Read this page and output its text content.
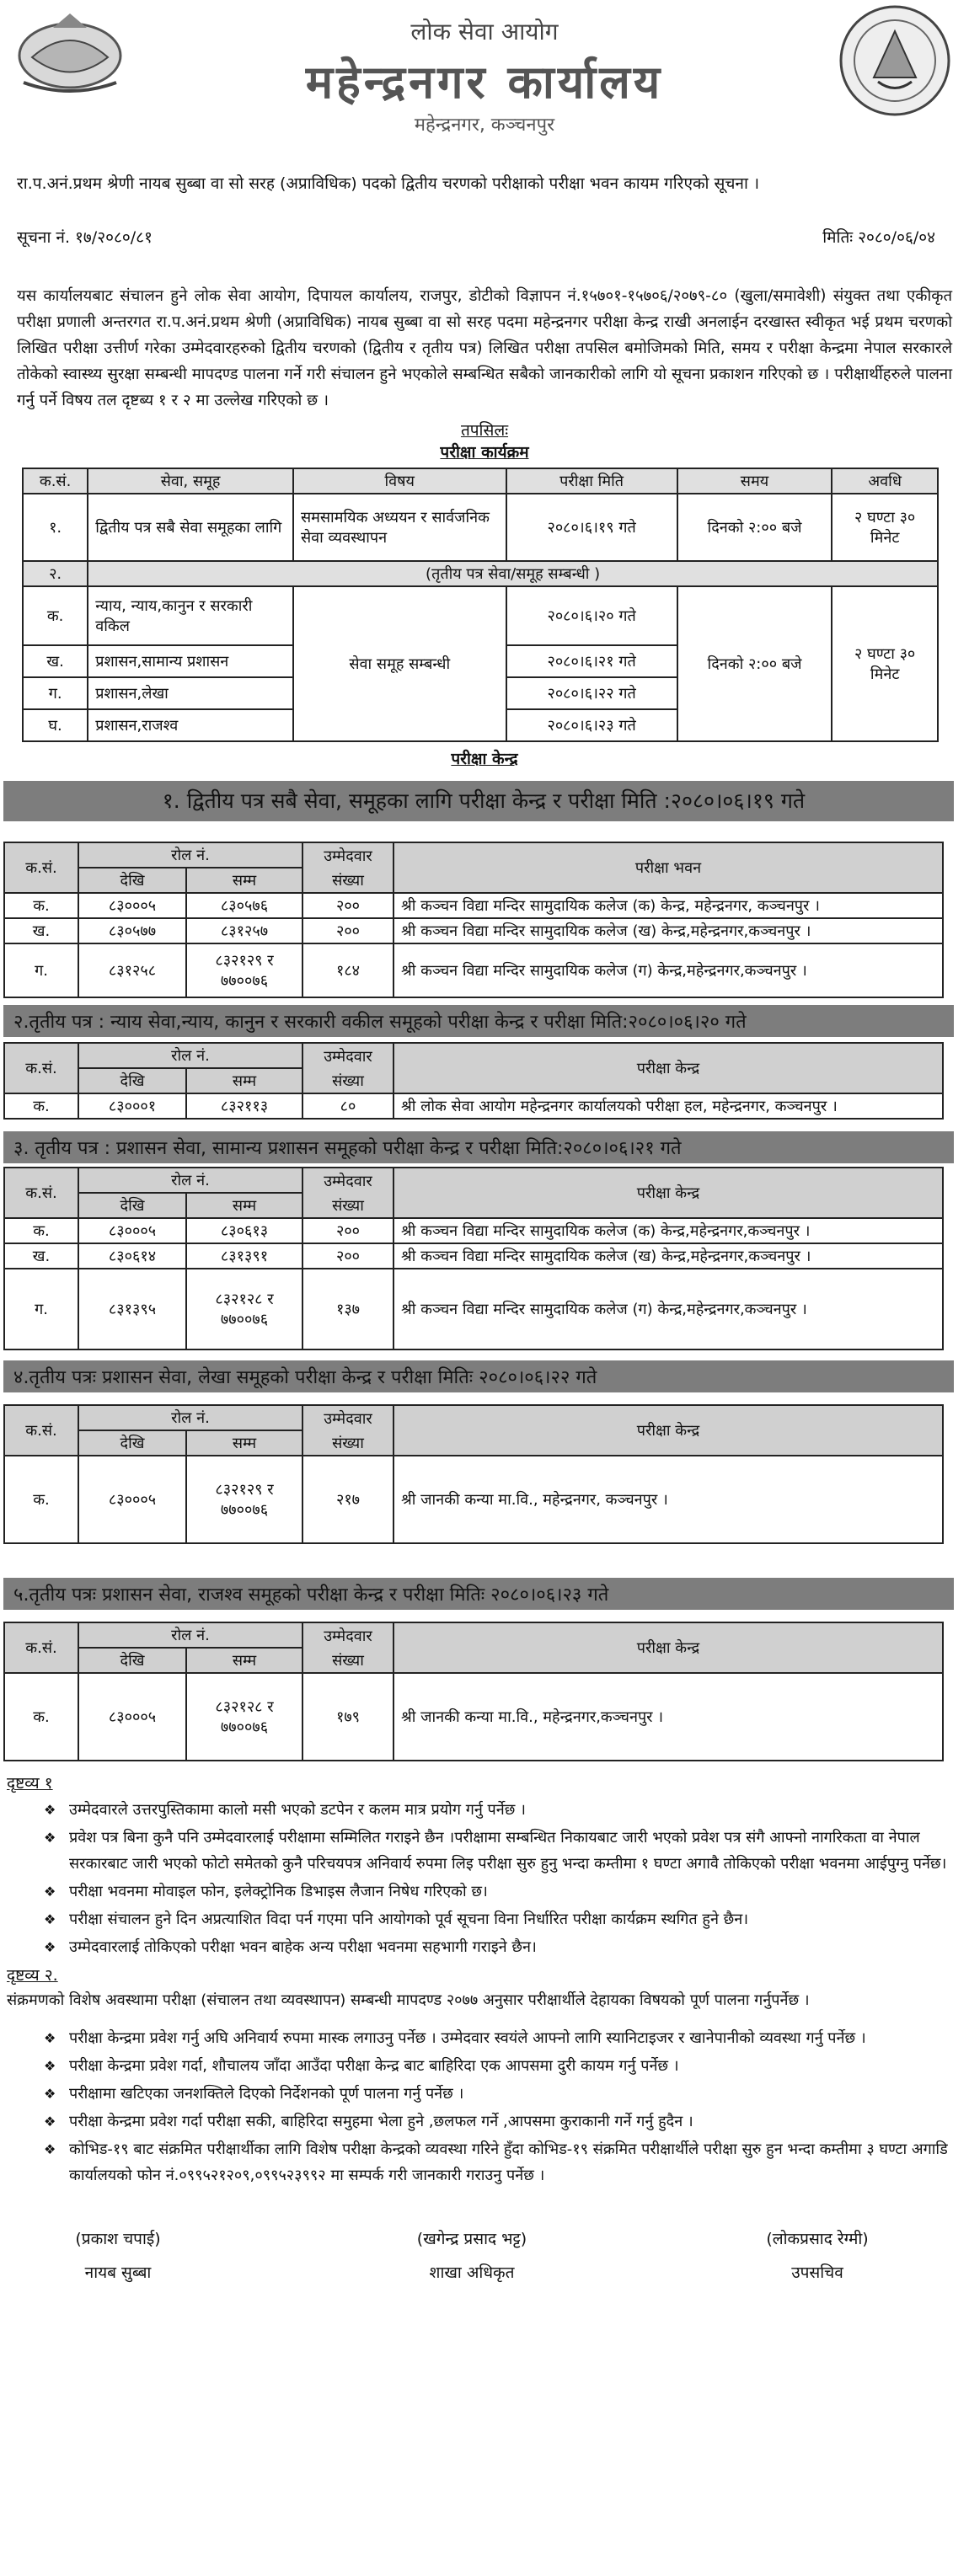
लोक सेवा आयोग
महेन्द्रनगर कार्यालय
महेन्द्रनगर, कञ्चनपुर
रा.प.अनं.प्रथम श्रेणी नायब सुब्बा वा सो सरह (अप्राविधिक) पदको द्वितीय चरणको परीक्षाको परीक्षा भवन कायम गरिएको सूचना ।
सूचना नं. १७/२०८०/८१	मितिः २०८०/०६/०४
यस कार्यालयबाट संचालन हुने लोक सेवा आयोग, दिपायल कार्यालय, राजपुर, डोटीको विज्ञापन नं.१५७०१-१५७०६/२०७९-८० (खुला/समावेशी) संयुक्त तथा एकीकृत परीक्षा प्रणाली अन्तरगत रा.प.अनं.प्रथम श्रेणी (अप्राविधिक) नायब सुब्बा वा सो सरह पदमा महेन्द्रनगर परीक्षा केन्द्र राखी अनलाईन दरखास्त स्वीकृत भई प्रथम चरणको लिखित परीक्षा उत्तीर्ण गरेका उम्मेदवारहरुको द्वितीय चरणको (द्वितीय र तृतीय पत्र) लिखित परीक्षा तपसिल बमोजिमको मिति, समय र परीक्षा केन्द्रमा नेपाल सरकारले तोकेको स्वास्थ्य सुरक्षा सम्बन्धी मापदण्ड पालना गर्ने गरी संचालन हुने भएकोले सम्बन्धित सबैको जानकारीको लागि यो सूचना प्रकाशन गरिएको छ । परीक्षार्थीहरुले पालना गर्नु पर्ने विषय तल दृष्टब्य १ र २ मा उल्लेख गरिएको छ ।
तपसिलः
परीक्षा कार्यक्रम
क.सं.	सेवा, समूह	विषय	परीक्षा मिति	समय	अवधि
१.	द्वितीय पत्र सबै सेवा समूहका लागि	समसामयिक अध्ययन र सार्वजनिक सेवा व्यवस्थापन	२०८०।६।१९ गते	दिनको २:०० बजे	२ घण्टा ३० मिनेट
२.	(तृतीय पत्र सेवा/समूह सम्बन्धी )				
क.	न्याय, न्याय,कानुन र सरकारी वकिल	सेवा समूह सम्बन्धी	२०८०।६।२० गते	दिनको २:०० बजे	२ घण्टा ३० मिनेट
ख.	प्रशासन,सामान्य प्रशासन		२०८०।६।२१ गते		
ग.	प्रशासन,लेखा		२०८०।६।२२ गते		
घ.	प्रशासन,राजश्व		२०८०।६।२३ गते		
परीक्षा केन्द्र
१. द्वितीय पत्र सबै सेवा, समूहका लागि परीक्षा केन्द्र र परीक्षा मिति :२०८०।०६।१९ गते
क.सं.	रोल नं.		उम्मेदवार	परीक्षा भवन
	देखि	सम्म	संख्या	
क.	८३०००५	८३०५७६	२००	श्री कञ्चन विद्या मन्दिर सामुदायिक कलेज (क) केन्द्र, महेन्द्रनगर, कञ्चनपुर ।
ख.	८३०५७७	८३१२५७	२००	श्री कञ्चन विद्या मन्दिर सामुदायिक कलेज (ख) केन्द्र,महेन्द्रनगर,कञ्चनपुर ।
ग.	८३१२५८	८३२१२९ र ७७००७६	१८४	श्री कञ्चन विद्या मन्दिर सामुदायिक कलेज (ग) केन्द्र,महेन्द्रनगर,कञ्चनपुर ।
२.तृतीय पत्र : न्याय सेवा,न्याय, कानुन र सरकारी वकील समूहको परीक्षा केन्द्र र परीक्षा मिति:२०८०।०६।२० गते
क.सं.	रोल नं.		उम्मेदवार	परीक्षा केन्द्र
	देखि	सम्म	संख्या	
क.	८३०००१	८३२११३	८०	श्री लोक सेवा आयोग महेन्द्रनगर कार्यालयको परीक्षा हल, महेन्द्रनगर, कञ्चनपुर ।
३. तृतीय पत्र : प्रशासन सेवा, सामान्य प्रशासन समूहको परीक्षा केन्द्र र परीक्षा मिति:२०८०।०६।२१ गते
क.सं.	रोल नं.		उम्मेदवार	परीक्षा केन्द्र
	देखि	सम्म	संख्या	
क.	८३०००५	८३०६१३	२००	श्री कञ्चन विद्या मन्दिर सामुदायिक कलेज (क) केन्द्र,महेन्द्रनगर,कञ्चनपुर ।
ख.	८३०६१४	८३१३९१	२००	श्री कञ्चन विद्या मन्दिर सामुदायिक कलेज (ख) केन्द्र,महेन्द्रनगर,कञ्चनपुर ।
ग.	८३१३९५	८३२१२८ र ७७००७६	१३७	श्री कञ्चन विद्या मन्दिर सामुदायिक कलेज (ग) केन्द्र,महेन्द्रनगर,कञ्चनपुर ।
४.तृतीय पत्रः प्रशासन सेवा, लेखा समूहको परीक्षा केन्द्र र परीक्षा मितिः २०८०।०६।२२ गते
क.सं.	रोल नं.		उम्मेदवार	परीक्षा केन्द्र
	देखि	सम्म	संख्या	
क.	८३०००५	८३२१२९ र ७७००७६	२१७	श्री जानकी कन्या मा.वि., महेन्द्रनगर, कञ्चनपुर ।
५.तृतीय पत्रः प्रशासन सेवा, राजश्व समूहको परीक्षा केन्द्र र परीक्षा मितिः २०८०।०६।२३ गते
क.सं.	रोल नं.		उम्मेदवार	परीक्षा केन्द्र
	देखि	सम्म	संख्या	
क.	८३०००५	८३२१२८ र ७७००७६	१७९	श्री जानकी कन्या मा.वि., महेन्द्रनगर,कञ्चनपुर ।
दृष्टव्य १
❖ उम्मेदवारले उत्तरपुस्तिकामा कालो मसी भएको डटपेन र कलम मात्र प्रयोग गर्नु पर्नेछ ।
❖ प्रवेश पत्र बिना कुनै पनि उम्मेदवारलाई परीक्षामा सम्मिलित गराइने छैन ।परीक्षामा सम्बन्धित निकायबाट जारी भएको प्रवेश पत्र संगै आफ्नो नागरिकता वा नेपाल सरकारबाट जारी भएको फोटो समेतको कुनै परिचयपत्र अनिवार्य रुपमा लिइ परीक्षा सुरु हुनु भन्दा कम्तीमा १ घण्टा अगावै तोकिएको परीक्षा भवनमा आईपुग्नु पर्नेछ।
❖ परीक्षा भवनमा मोवाइल फोन, इलेक्ट्रोनिक डिभाइस लैजान निषेध गरिएको छ।
❖ परीक्षा संचालन हुने दिन अप्रत्याशित विदा पर्न गएमा पनि आयोगको पूर्व सूचना विना निर्धारित परीक्षा कार्यक्रम स्थगित हुने छैन।
❖ उम्मेदवारलाई तोकिएको परीक्षा भवन बाहेक अन्य परीक्षा भवनमा सहभागी गराइने छैन।
दृष्टव्य २.
संक्रमणको विशेष अवस्थामा परीक्षा (संचालन तथा व्यवस्थापन) सम्बन्धी मापदण्ड २०७७ अनुसार परीक्षार्थीले देहायका विषयको पूर्ण पालना गर्नुपर्नेछ ।
❖ परीक्षा केन्द्रमा प्रवेश गर्नु अघि अनिवार्य रुपमा मास्क लगाउनु पर्नेछ । उम्मेदवार स्वयंले आफ्नो लागि स्यानिटाइजर र खानेपानीको व्यवस्था गर्नु पर्नेछ ।
❖ परीक्षा केन्द्रमा प्रवेश गर्दा, शौचालय जाँदा आउँदा परीक्षा केन्द्र बाट बाहिरिदा एक आपसमा दुरी कायम गर्नु पर्नेछ ।
❖ परीक्षामा खटिएका जनशक्तिले दिएको निर्देशनको पूर्ण पालना गर्नु पर्नेछ ।
❖ परीक्षा केन्द्रमा प्रवेश गर्दा परीक्षा सकी, बाहिरिदा समुहमा भेला हुने ,छलफल गर्ने ,आपसमा कुराकानी गर्ने गर्नु हुदैन ।
❖ कोभिड-१९ बाट संक्रमित परीक्षार्थीका लागि विशेष परीक्षा केन्द्रको व्यवस्था गरिने हुँदा कोभिड-१९ संक्रमित परीक्षार्थीले परीक्षा सुरु हुन भन्दा कम्तीमा ३ घण्टा अगाडि कार्यालयको फोन नं.०९९५२१२०९,०९९५२३९९२ मा सम्पर्क गरी जानकारी गराउनु पर्नेछ ।
(प्रकाश चपाई)
नायब सुब्बा
(खगेन्द्र प्रसाद भट्ट)
शाखा अधिकृत
(लोकप्रसाद रेग्मी)
उपसचिव
